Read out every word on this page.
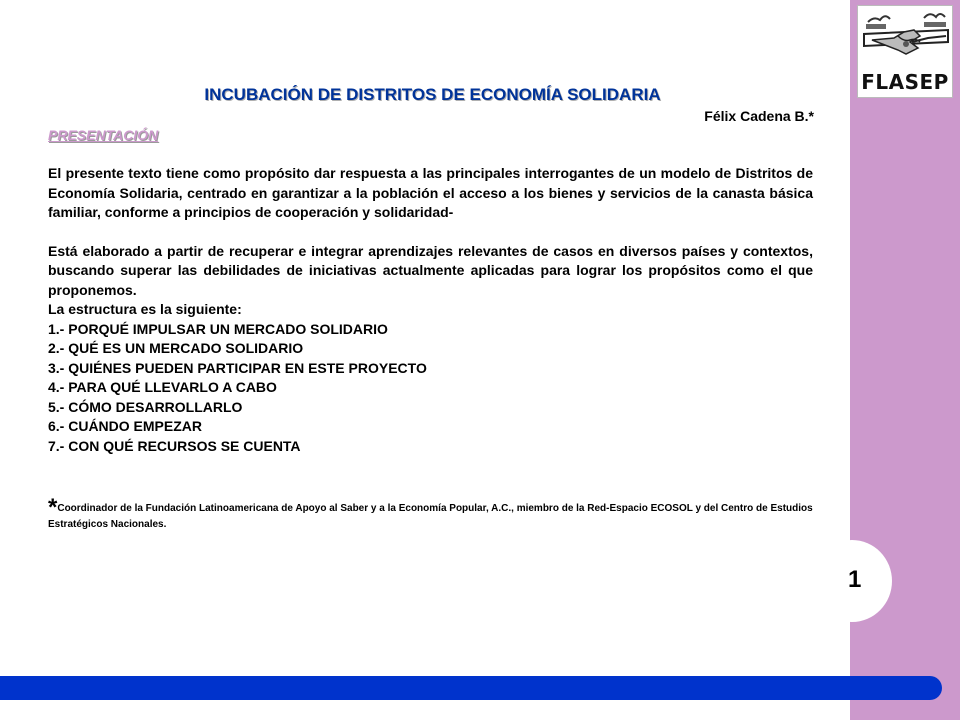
FLASEP
1
INCUBACIÓN DE DISTRITOS DE ECONOMÍA SOLIDARIA
Félix Cadena B.*
PRESENTACIÓN

El presente texto tiene como propósito dar respuesta a las principales interrogantes de un modelo de Distritos de Economía Solidaria, centrado en garantizar a la población el acceso a los bienes y servicios de la canasta básica familiar, conforme a principios de cooperación y solidaridad-

Está elaborado a partir de recuperar e integrar aprendizajes relevantes de casos en diversos países y contextos, buscando superar las debilidades de iniciativas actualmente aplicadas para lograr los propósitos como el que proponemos.

La estructura es la siguiente:

1.- PORQUÉ IMPULSAR UN MERCADO SOLIDARIO
2.- QUÉ ES UN MERCADO SOLIDARIO
3.- QUIÉNES PUEDEN PARTICIPAR EN ESTE PROYECTO
4.- PARA QUÉ LLEVARLO A CABO
5.- CÓMO DESARROLLARLO
6.- CUÁNDO EMPEZAR
7.- CON QUÉ RECURSOS SE CUENTA
*Coordinador de la Fundación Latinoamericana de Apoyo al Saber y a la Economía Popular, A.C., miembro de la Red-Espacio ECOSOL y del Centro de Estudios Estratégicos Nacionales.
